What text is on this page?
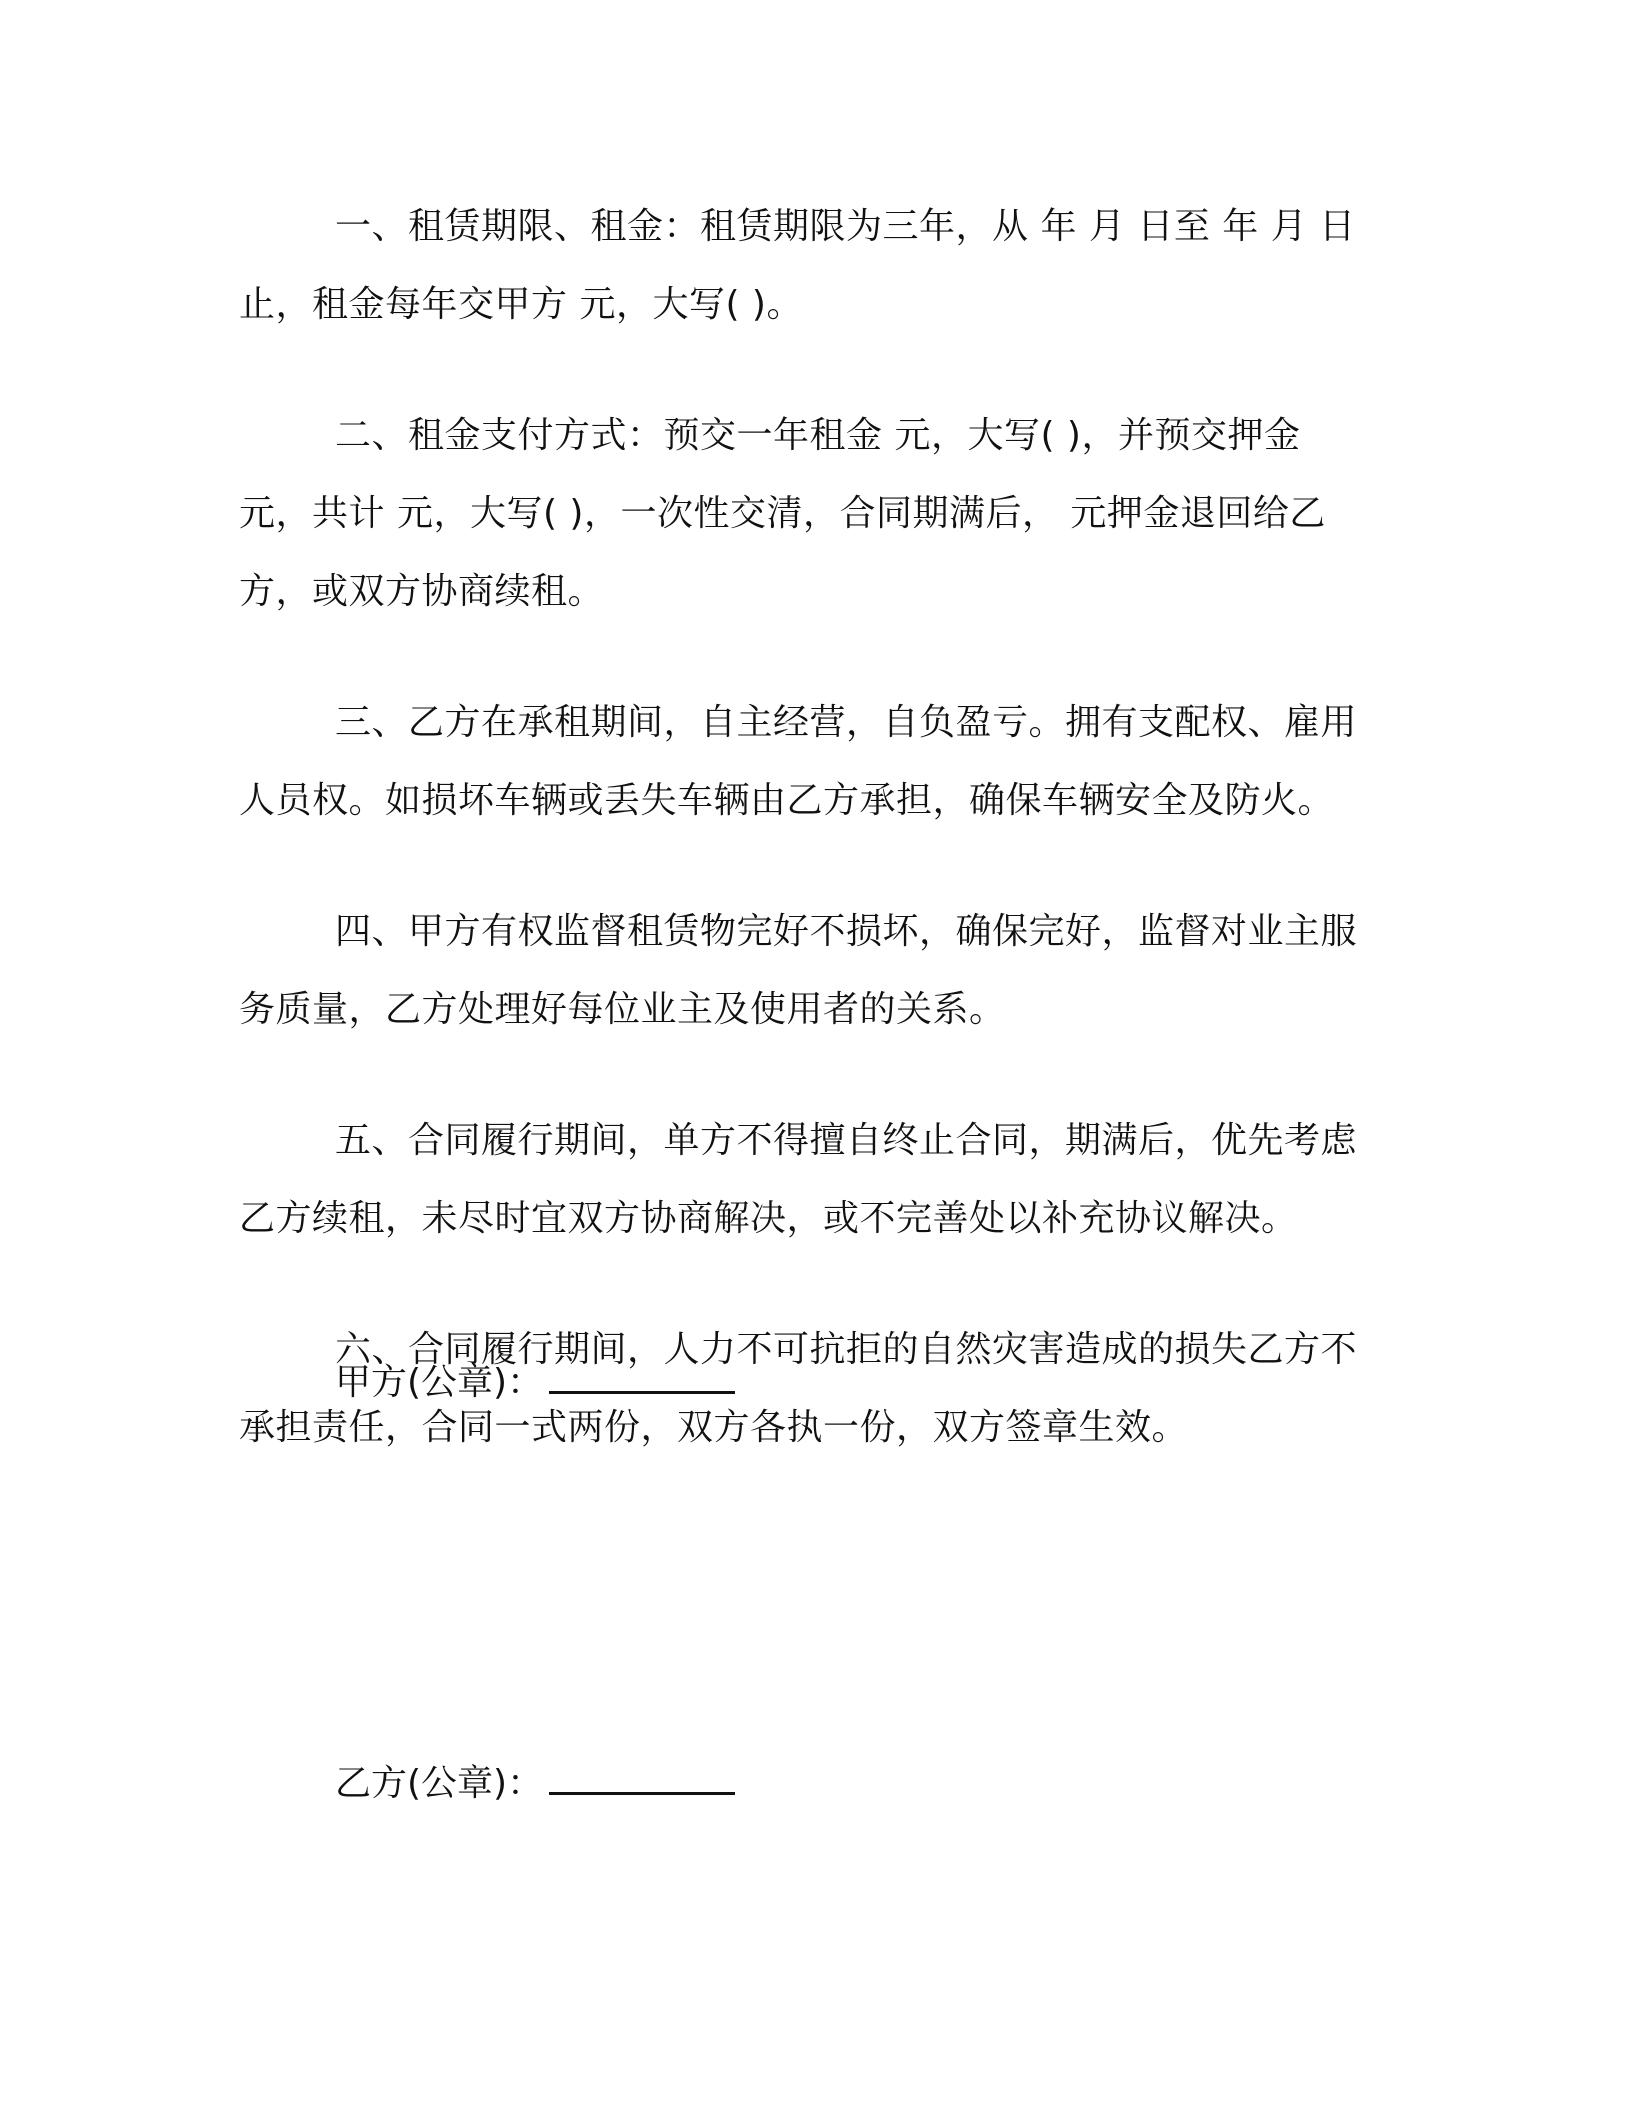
一、租赁期限、租金：租赁期限为三年，从 年 月 日至 年 月 日止，租金每年交甲方 元，大写( )。

二、租金支付方式：预交一年租金 元，大写( )，并预交押金 元，共计 元，大写( )，一次性交清，合同期满后， 元押金退回给乙方，或双方协商续租。

三、乙方在承租期间，自主经营，自负盈亏。拥有支配权、雇用人员权。如损坏车辆或丢失车辆由乙方承担，确保车辆安全及防火。

四、甲方有权监督租赁物完好不损坏，确保完好，监督对业主服务质量，乙方处理好每位业主及使用者的关系。

五、合同履行期间，单方不得擅自终止合同，期满后，优先考虑乙方续租，未尽时宜双方协商解决，或不完善处以补充协议解决。

六、合同履行期间，人力不可抗拒的自然灾害造成的损失乙方不承担责任，合同一式两份，双方各执一份，双方签章生效。

甲方(公章)：
乙方(公章)：
